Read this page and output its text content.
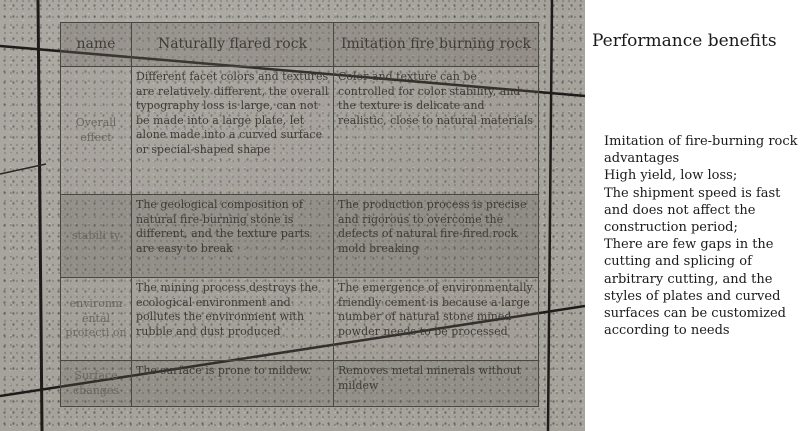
name	Naturally flared rock	Imitation fire burning rock
Overall effect	Different facet colors and textures are relatively different, the overall typography loss is large, can not be made into a large plate, let alone made into a curved surface or special-shaped shape	Color and texture can be controlled for color stability, and the texture is delicate and realistic, close to natural materials
stabili ty	The geological composition of natural fire-burning stone is different, and the texture parts are easy to break	The production process is precise and rigorous to overcome the defects of natural fire-fired rock mold breaking
environm ental protecti on	The mining process destroys the ecological environment and pollutes the environment with rubble and dust produced	The emergence of environmentally friendly cement is because a large number of natural stone mined powder needs to be processed
Surface changes	The surface is prone to mildew.	Removes metal minerals without mildew
Performance benefits
Imitation of fire-burning rock advantages
High yield, low loss;
The shipment speed is fast and does not affect the construction period;
There are few gaps in the cutting and splicing of arbitrary cutting, and the styles of plates and curved surfaces can be customized according to needs
